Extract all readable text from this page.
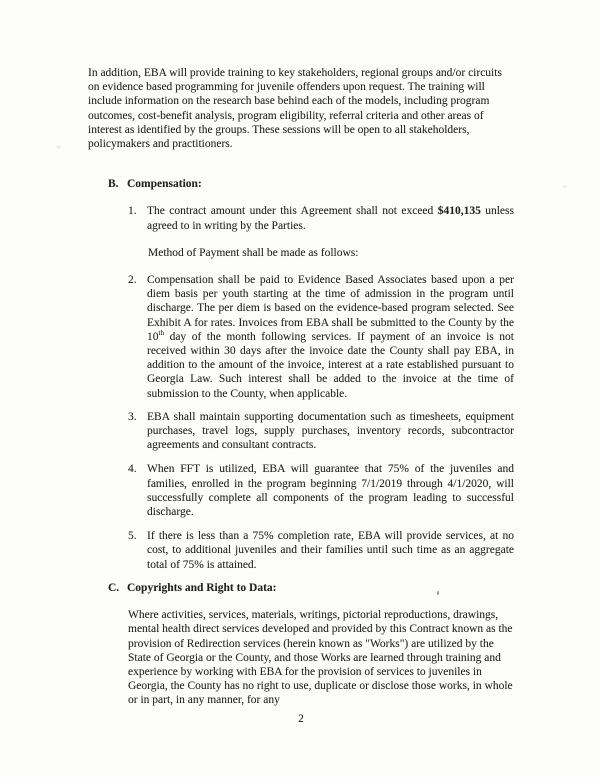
In addition, EBA will provide training to key stakeholders, regional groups and/or circuits on evidence based programming for juvenile offenders upon request. The training will include information on the research base behind each of the models, including program outcomes, cost-benefit analysis, program eligibility, referral criteria and other areas of interest as identified by the groups. These sessions will be open to all stakeholders, policymakers and practitioners.

B. Compensation:
1. The contract amount under this Agreement shall not exceed $410,135 unless agreed to in writing by the Parties.

Method of Payment shall be made as follows:

2. Compensation shall be paid to Evidence Based Associates based upon a per diem basis per youth starting at the time of admission in the program until discharge. The per diem is based on the evidence-based program selected. See Exhibit A for rates. Invoices from EBA shall be submitted to the County by the 10th day of the month following services. If payment of an invoice is not received within 30 days after the invoice date the County shall pay EBA, in addition to the amount of the invoice, interest at a rate established pursuant to Georgia Law. Such interest shall be added to the invoice at the time of submission to the County, when applicable.
3. EBA shall maintain supporting documentation such as timesheets, equipment purchases, travel logs, supply purchases, inventory records, subcontractor agreements and consultant contracts.
4. When FFT is utilized, EBA will guarantee that 75% of the juveniles and families, enrolled in the program beginning 7/1/2019 through 4/1/2020, will successfully complete all components of the program leading to successful discharge.
5. If there is less than a 75% completion rate, EBA will provide services, at no cost, to additional juveniles and their families until such time as an aggregate total of 75% is attained.
C. Copyrights and Right to Data:

Where activities, services, materials, writings, pictorial reproductions, drawings, mental health direct services developed and provided by this Contract known as the provision of Redirection services (herein known as "Works") are utilized by the State of Georgia or the County, and those Works are learned through training and experience by working with EBA for the provision of services to juveniles in Georgia, the County has no right to use, duplicate or disclose those works, in whole or in part, in any manner, for any

2
